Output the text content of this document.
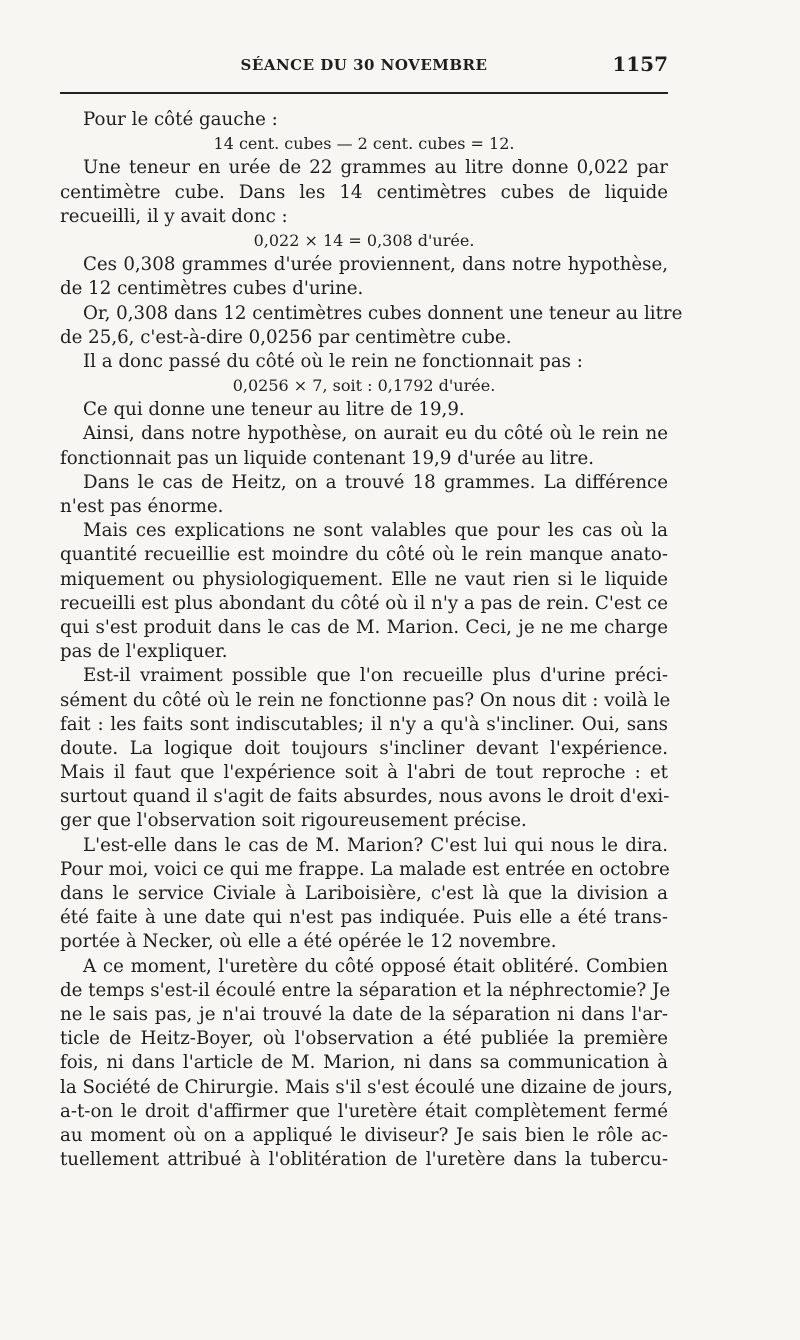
SÉANCE DU 30 NOVEMBRE	1157
Pour le côté gauche :
14 cent. cubes — 2 cent. cubes = 12.
Une teneur en urée de 22 grammes au litre donne 0,022 par
centimètre cube. Dans les 14 centimètres cubes de liquide
recueilli, il y avait donc :
0,022 × 14 = 0,308 d'urée.
Ces 0,308 grammes d'urée proviennent, dans notre hypothèse,
de 12 centimètres cubes d'urine.
Or, 0,308 dans 12 centimètres cubes donnent une teneur au litre
de 25,6, c'est-à-dire 0,0256 par centimètre cube.
Il a donc passé du côté où le rein ne fonctionnait pas :
0,0256 × 7, soit : 0,1792 d'urée.
Ce qui donne une teneur au litre de 19,9.
Ainsi, dans notre hypothèse, on aurait eu du côté où le rein ne
fonctionnait pas un liquide contenant 19,9 d'urée au litre.
Dans le cas de Heitz, on a trouvé 18 grammes. La différence
n'est pas énorme.
Mais ces explications ne sont valables que pour les cas où la
quantité recueillie est moindre du côté où le rein manque anato-
miquement ou physiologiquement. Elle ne vaut rien si le liquide
recueilli est plus abondant du côté où il n'y a pas de rein. C'est ce
qui s'est produit dans le cas de M. Marion. Ceci, je ne me charge
pas de l'expliquer.
Est-il vraiment possible que l'on recueille plus d'urine préci-
sément du côté où le rein ne fonctionne pas? On nous dit : voilà le
fait : les faits sont indiscutables; il n'y a qu'à s'incliner. Oui, sans
doute. La logique doit toujours s'incliner devant l'expérience.
Mais il faut que l'expérience soit à l'abri de tout reproche : et
surtout quand il s'agit de faits absurdes, nous avons le droit d'exi-
ger que l'observation soit rigoureusement précise.
L'est-elle dans le cas de M. Marion? C'est lui qui nous le dira.
Pour moi, voici ce qui me frappe. La malade est entrée en octobre
dans le service Civiale à Lariboisière, c'est là que la division a
été faite à une date qui n'est pas indiquée. Puis elle a été trans-
portée à Necker, où elle a été opérée le 12 novembre.
A ce moment, l'uretère du côté opposé était oblitéré. Combien
de temps s'est-il écoulé entre la séparation et la néphrectomie? Je
ne le sais pas, je n'ai trouvé la date de la séparation ni dans l'ar-
ticle de Heitz-Boyer, où l'observation a été publiée la première
fois, ni dans l'article de M. Marion, ni dans sa communication à
la Société de Chirurgie. Mais s'il s'est écoulé une dizaine de jours,
a-t-on le droit d'affirmer que l'uretère était complètement fermé
au moment où on a appliqué le diviseur? Je sais bien le rôle ac-
tuellement attribué à l'oblitération de l'uretère dans la tubercu-
